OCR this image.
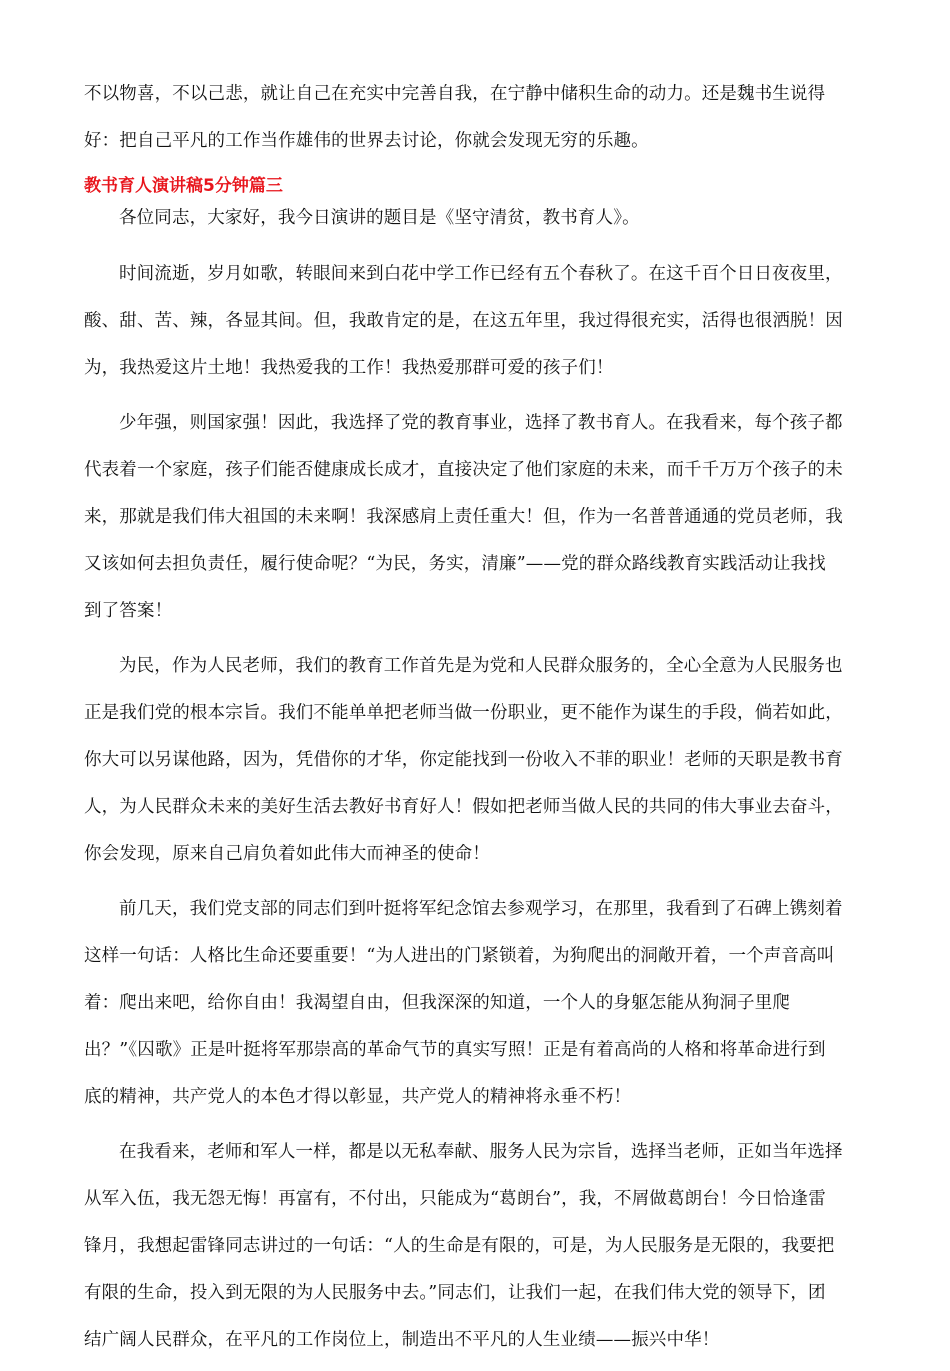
不以物喜，不以己悲，就让自己在充实中完善自我，在宁静中储积生命的动力。还是魏书生说得
好：把自己平凡的工作当作雄伟的世界去讨论，你就会发现无穷的乐趣。
教书育人演讲稿5分钟篇三
各位同志，大家好，我今日演讲的题目是《坚守清贫，教书育人》。
时间流逝，岁月如歌，转眼间来到白花中学工作已经有五个春秋了。在这千百个日日夜夜里，
酸、甜、苦、辣，各显其间。但，我敢肯定的是，在这五年里，我过得很充实，活得也很洒脱！因
为，我热爱这片土地！我热爱我的工作！我热爱那群可爱的孩子们！
少年强，则国家强！因此，我选择了党的教育事业，选择了教书育人。在我看来，每个孩子都
代表着一个家庭，孩子们能否健康成长成才，直接决定了他们家庭的未来，而千千万万个孩子的未
来，那就是我们伟大祖国的未来啊！我深感肩上责任重大！但，作为一名普普通通的党员老师，我
又该如何去担负责任，履行使命呢？“为民，务实，清廉”——党的群众路线教育实践活动让我找
到了答案！
为民，作为人民老师，我们的教育工作首先是为党和人民群众服务的，全心全意为人民服务也
正是我们党的根本宗旨。我们不能单单把老师当做一份职业，更不能作为谋生的手段，倘若如此，
你大可以另谋他路，因为，凭借你的才华，你定能找到一份收入不菲的职业！老师的天职是教书育
人，为人民群众未来的美好生活去教好书育好人！假如把老师当做人民的共同的伟大事业去奋斗，
你会发现，原来自己肩负着如此伟大而神圣的使命！
前几天，我们党支部的同志们到叶挺将军纪念馆去参观学习，在那里，我看到了石碑上镌刻着
这样一句话：人格比生命还要重要！“为人进出的门紧锁着，为狗爬出的洞敞开着，一个声音高叫
着：爬出来吧，给你自由！我渴望自由，但我深深的知道，一个人的身躯怎能从狗洞子里爬
出？”《囚歌》正是叶挺将军那崇高的革命气节的真实写照！正是有着高尚的人格和将革命进行到
底的精神，共产党人的本色才得以彰显，共产党人的精神将永垂不朽！
在我看来，老师和军人一样，都是以无私奉献、服务人民为宗旨，选择当老师，正如当年选择
从军入伍，我无怨无悔！再富有，不付出，只能成为“葛朗台”，我，不屑做葛朗台！今日恰逢雷
锋月，我想起雷锋同志讲过的一句话：“人的生命是有限的，可是，为人民服务是无限的，我要把
有限的生命，投入到无限的为人民服务中去。”同志们，让我们一起，在我们伟大党的领导下，团
结广阔人民群众，在平凡的工作岗位上，制造出不平凡的人生业绩——振兴中华！
